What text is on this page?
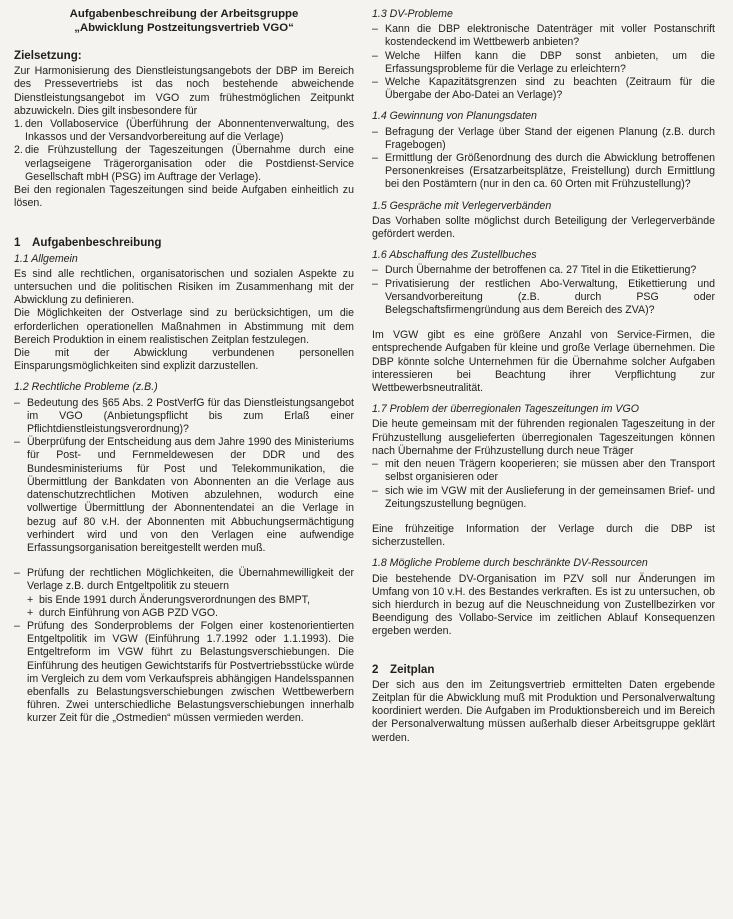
Aufgabenbeschreibung der Arbeitsgruppe
„Abwicklung Postzeitungsvertrieb VGO“
Zielsetzung:

Zur Harmonisierung des Dienstleistungsangebots der DBP im Bereich des Pressevertriebs ist das noch bestehende abweichende Dienstleistungsangebot im VGO zum frühestmöglichen Zeitpunkt abzuwickeln. Dies gilt insbesondere für

1. den Vollaboservice (Überführung der Abonnentenverwaltung, des Inkassos und der Versandvorbereitung auf die Verlage)
2. die Frühzustellung der Tageszeitungen (Übernahme durch eine verlagseigene Trägerorganisation oder die Postdienst-Service Gesellschaft mbH (PSG) im Auftrage der Verlage).

Bei den regionalen Tageszeitungen sind beide Aufgaben einheitlich zu lösen.

1 Aufgabenbeschreibung
1.1 Allgemein

Es sind alle rechtlichen, organisatorischen und sozialen Aspekte zu untersuchen und die politischen Risiken im Zusammenhang mit der Abwicklung zu definieren.

Die Möglichkeiten der Ostverlage sind zu berücksichtigen, um die erforderlichen operationellen Maßnahmen in Abstimmung mit dem Bereich Produktion in einem realistischen Zeitplan festzulegen.

Die mit der Abwicklung verbundenen personellen Einsparungsmöglichkeiten sind explizit darzustellen.

1.2 Rechtliche Probleme (z.B.)
– Bedeutung des §65 Abs. 2 PostVerfG für das Dienstleistungsangebot im VGO (Anbietungspflicht bis zum Erlaß einer Pflichtdienstleistungsverordnung)?
– Überprüfung der Entscheidung aus dem Jahre 1990 des Ministeriums für Post- und Fernmeldewesen der DDR und des Bundesministeriums für Post und Telekommunikation, die Übermittlung der Bankdaten von Abonnenten an die Verlage aus datenschutzrechtlichen Motiven abzulehnen, wodurch eine vollwertige Übermittlung der Abonnentendatei an die Verlage in bezug auf 80 v.H. der Abonnenten mit Abbuchungsermächtigung verhindert wird und von den Verlagen eine aufwendige Erfassungsorganisation bereitgestellt werden muß.
– Prüfung der rechtlichen Möglichkeiten, die Übernahmewilligkeit der Verlage z.B. durch Entgeltpolitik zu steuern
+ bis Ende 1991 durch Änderungsverordnungen des BMPT,
+ durch Einführung von AGB PZD VGO.
– Prüfung des Sonderproblems der Folgen einer kostenorientierten Entgeltpolitik im VGW (Einführung 1.7.1992 oder 1.1.1993). Die Entgeltreform im VGW führt zu Belastungsverschiebungen. Die Einführung des heutigen Gewichtstarifs für Postvertriebsstücke würde im Vergleich zu dem vom Verkaufspreis abhängigen Handelsspannen ebenfalls zu Belastungsverschiebungen zwischen Wettbewerbern führen. Zwei unterschiedliche Belastungsverschiebungen innerhalb kurzer Zeit für die „Ostmedien“ müssen vermieden werden.
1.3 DV-Probleme
– Kann die DBP elektronische Datenträger mit voller Postanschrift kostendeckend im Wettbewerb anbieten?
– Welche Hilfen kann die DBP sonst anbieten, um die Erfassungsprobleme für die Verlage zu erleichtern?
– Welche Kapazitätsgrenzen sind zu beachten (Zeitraum für die Übergabe der Abo-Datei an Verlage)?
1.4 Gewinnung von Planungsdaten
– Befragung der Verlage über Stand der eigenen Planung (z.B. durch Fragebogen)
– Ermittlung der Größenordnung des durch die Abwicklung betroffenen Personenkreises (Ersatzarbeitsplätze, Freistellung) durch Ermittlung bei den Postämtern (nur in den ca. 60 Orten mit Frühzustellung)?
1.5 Gespräche mit Verlegerverbänden

Das Vorhaben sollte möglichst durch Beteiligung der Verlegerverbände gefördert werden.

1.6 Abschaffung des Zustellbuches
– Durch Übernahme der betroffenen ca. 27 Titel in die Etikettierung?
– Privatisierung der restlichen Abo-Verwaltung, Etikettierung und Versandvorbereitung (z.B. durch PSG oder Belegschaftsfirmengründung aus dem Bereich des ZVA)?

Im VGW gibt es eine größere Anzahl von Service-Firmen, die entsprechende Aufgaben für kleine und große Verlage übernehmen. Die DBP könnte solche Unternehmen für die Übernahme solcher Aufgaben interessieren bei Beachtung ihrer Verpflichtung zur Wettbewerbsneutralität.

1.7 Problem der überregionalen Tageszeitungen im VGO

Die heute gemeinsam mit der führenden regionalen Tageszeitung in der Frühzustellung ausgelieferten überregionalen Tageszeitungen können nach Übernahme der Frühzustellung durch neue Träger

– mit den neuen Trägern kooperieren; sie müssen aber den Transport selbst organisieren oder
– sich wie im VGW mit der Auslieferung in der gemeinsamen Brief- und Zeitungszustellung begnügen.

Eine frühzeitige Information der Verlage durch die DBP ist sicherzustellen.

1.8 Mögliche Probleme durch beschränkte DV-Ressourcen

Die bestehende DV-Organisation im PZV soll nur Änderungen im Umfang von 10 v.H. des Bestandes verkraften. Es ist zu untersuchen, ob sich hierdurch in bezug auf die Neuschneidung von Zustellbezirken vor Beendigung des Vollabo-Service im zeitlichen Ablauf Konsequenzen ergeben werden.

2 Zeitplan

Der sich aus den im Zeitungsvertrieb ermittelten Daten ergebende Zeitplan für die Abwicklung muß mit Produktion und Personalverwaltung koordiniert werden. Die Aufgaben im Produktionsbereich und im Bereich der Personalverwaltung müssen außerhalb dieser Arbeitsgruppe geklärt werden.
